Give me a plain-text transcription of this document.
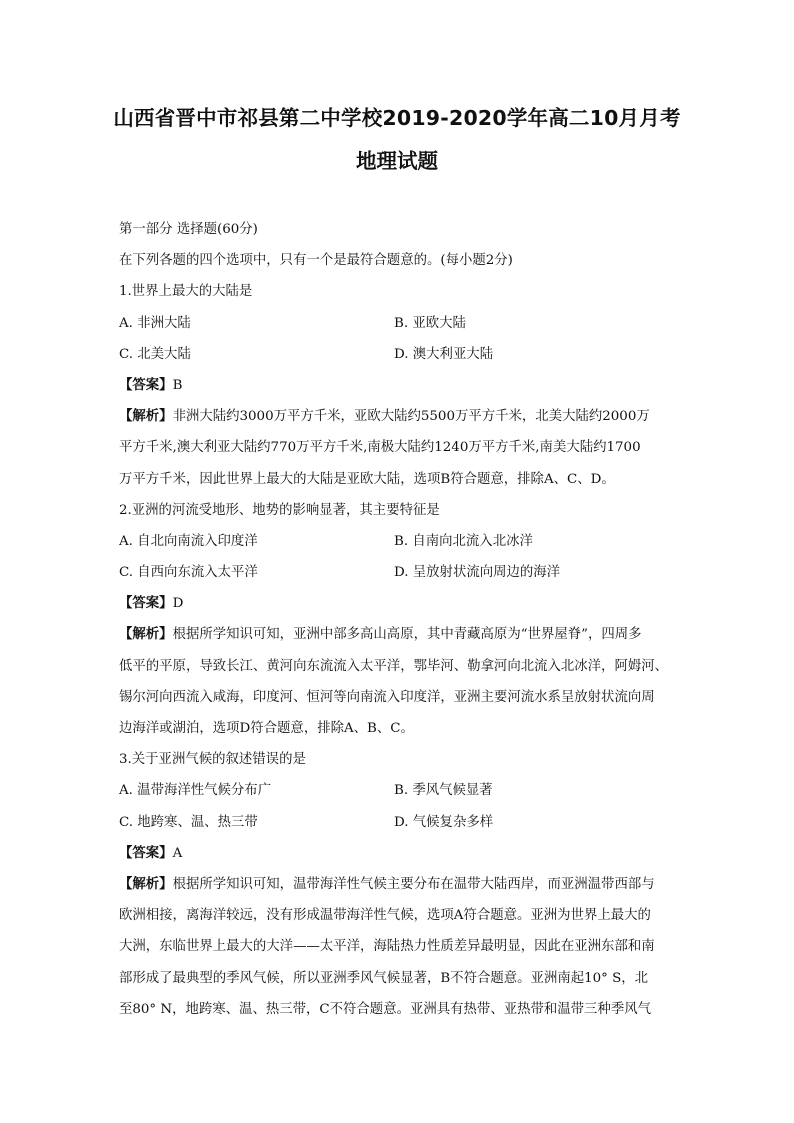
山西省晋中市祁县第二中学校2019-2020学年高二10月月考
地理试题
第一部分 选择题(60分)
在下列各题的四个选项中，只有一个是最符合题意的。(每小题2分)
1.世界上最大的大陆是
A. 非洲大陆	B. 亚欧大陆
C. 北美大陆	D. 澳大利亚大陆
【答案】B
【解析】非洲大陆约3000万平方千米，亚欧大陆约5500万平方千米，北美大陆约2000万
平方千米,澳大利亚大陆约770万平方千米,南极大陆约1240万平方千米,南美大陆约1700
万平方千米，因此世界上最大的大陆是亚欧大陆，选项B符合题意，排除A、C、D。
2.亚洲的河流受地形、地势的影响显著，其主要特征是
A. 自北向南流入印度洋	B. 自南向北流入北冰洋
C. 自西向东流入太平洋	D. 呈放射状流向周边的海洋
【答案】D
【解析】根据所学知识可知，亚洲中部多高山高原，其中青藏高原为“世界屋脊”，四周多
低平的平原，导致长江、黄河向东流流入太平洋，鄂毕河、勒拿河向北流入北冰洋，阿姆河、
锡尔河向西流入咸海，印度河、恒河等向南流入印度洋，亚洲主要河流水系呈放射状流向周
边海洋或湖泊，选项D符合题意，排除A、B、C。
3.关于亚洲气候的叙述错误的是
A. 温带海洋性气候分布广	B. 季风气候显著
C. 地跨寒、温、热三带	D. 气候复杂多样
【答案】A
【解析】根据所学知识可知，温带海洋性气候主要分布在温带大陆西岸，而亚洲温带西部与
欧洲相接，离海洋较远，没有形成温带海洋性气候，选项A符合题意。亚洲为世界上最大的
大洲，东临世界上最大的大洋——太平洋，海陆热力性质差异最明显，因此在亚洲东部和南
部形成了最典型的季风气候，所以亚洲季风气候显著，B不符合题意。亚洲南起10° S，北
至80° N，地跨寒、温、热三带，C不符合题意。亚洲具有热带、亚热带和温带三种季风气
